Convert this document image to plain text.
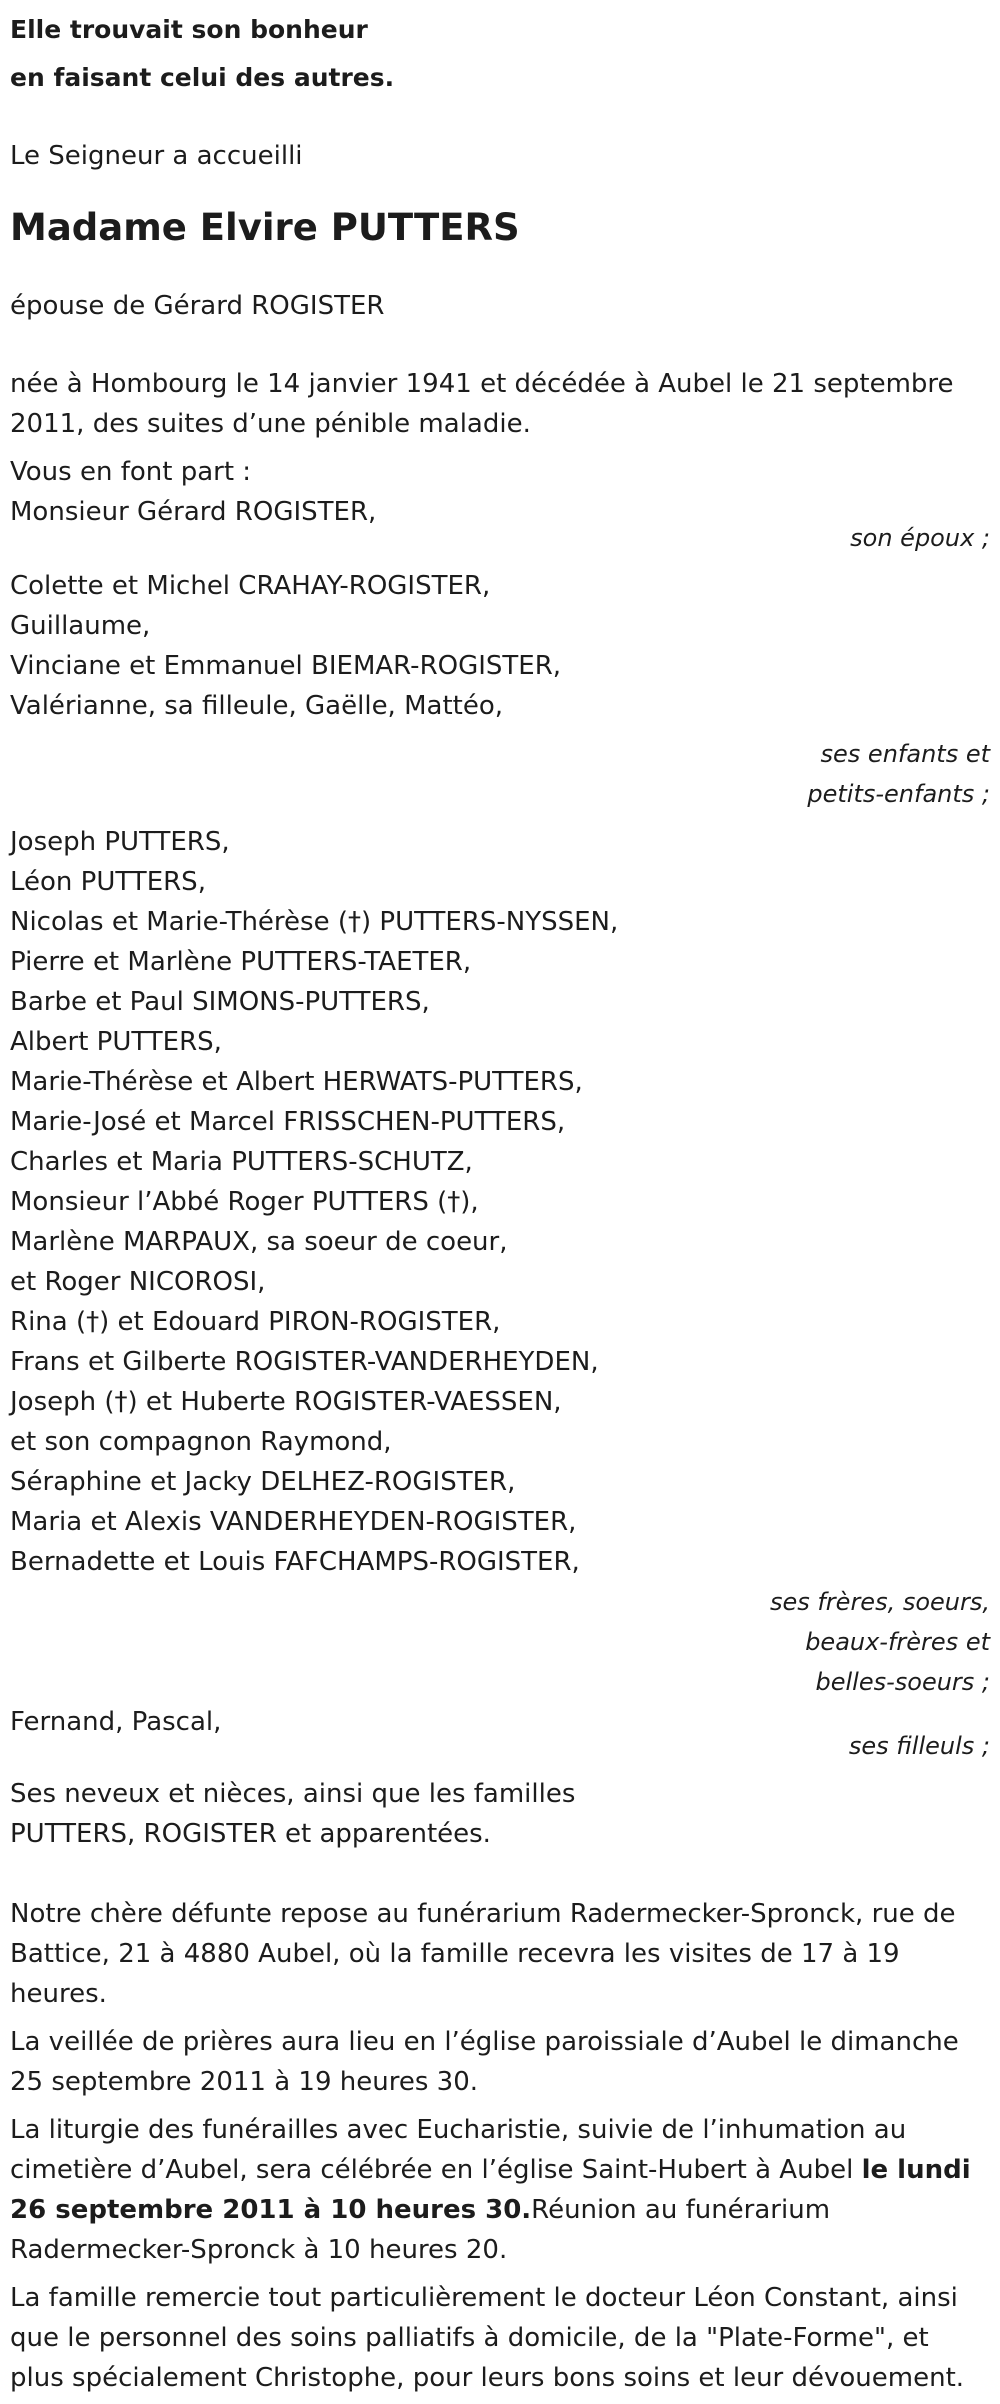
Elle trouvait son bonheur
en faisant celui des autres.
Le Seigneur a accueilli
Madame Elvire PUTTERS
épouse de Gérard ROGISTER
née à Hombourg le 14 janvier 1941 et décédée à Aubel le 21 septembre 2011, des suites d’une pénible maladie.
Vous en font part :
Monsieur Gérard ROGISTER,
son époux ;
Colette et Michel CRAHAY-ROGISTER,
Guillaume,
Vinciane et Emmanuel BIEMAR-ROGISTER,
Valérianne, sa filleule, Gaëlle, Mattéo,
ses enfants et
petits-enfants ;
Joseph PUTTERS,
Léon PUTTERS,
Nicolas et Marie-Thérèse (†) PUTTERS-NYSSEN,
Pierre et Marlène PUTTERS-TAETER,
Barbe et Paul SIMONS-PUTTERS,
Albert PUTTERS,
Marie-Thérèse et Albert HERWATS-PUTTERS,
Marie-José et Marcel FRISSCHEN-PUTTERS,
Charles et Maria PUTTERS-SCHUTZ,
Monsieur l’Abbé Roger PUTTERS (†),
Marlène MARPAUX, sa soeur de coeur,
et Roger NICOROSI,
Rina (†) et Edouard PIRON-ROGISTER,
Frans et Gilberte ROGISTER-VANDERHEYDEN,
Joseph (†) et Huberte ROGISTER-VAESSEN,
et son compagnon Raymond,
Séraphine et Jacky DELHEZ-ROGISTER,
Maria et Alexis VANDERHEYDEN-ROGISTER,
Bernadette et Louis FAFCHAMPS-ROGISTER,
ses frères, soeurs,
beaux-frères et
belles-soeurs ;
Fernand, Pascal,
ses filleuls ;
Ses neveux et nièces, ainsi que les familles
PUTTERS, ROGISTER et apparentées.

Notre chère défunte repose au funérarium Radermecker-Spronck, rue de Battice, 21 à 4880 Aubel, où la famille recevra les visites de 17 à 19 heures.

La veillée de prières aura lieu en l’église paroissiale d’Aubel le dimanche 25 septembre 2011 à 19 heures 30.

La liturgie des funérailles avec Eucharistie, suivie de l’inhumation au cimetière d’Aubel, sera célébrée en l’église Saint-Hubert à Aubel le lundi 26 septembre 2011 à 10 heures 30.Réunion au funérarium Radermecker-Spronck à 10 heures 20.

La famille remercie tout particulièrement le docteur Léon Constant, ainsi que le personnel des soins palliatifs à domicile, de la "Plate-Forme", et plus spécialement Christophe, pour leurs bons soins et leur dévouement.
